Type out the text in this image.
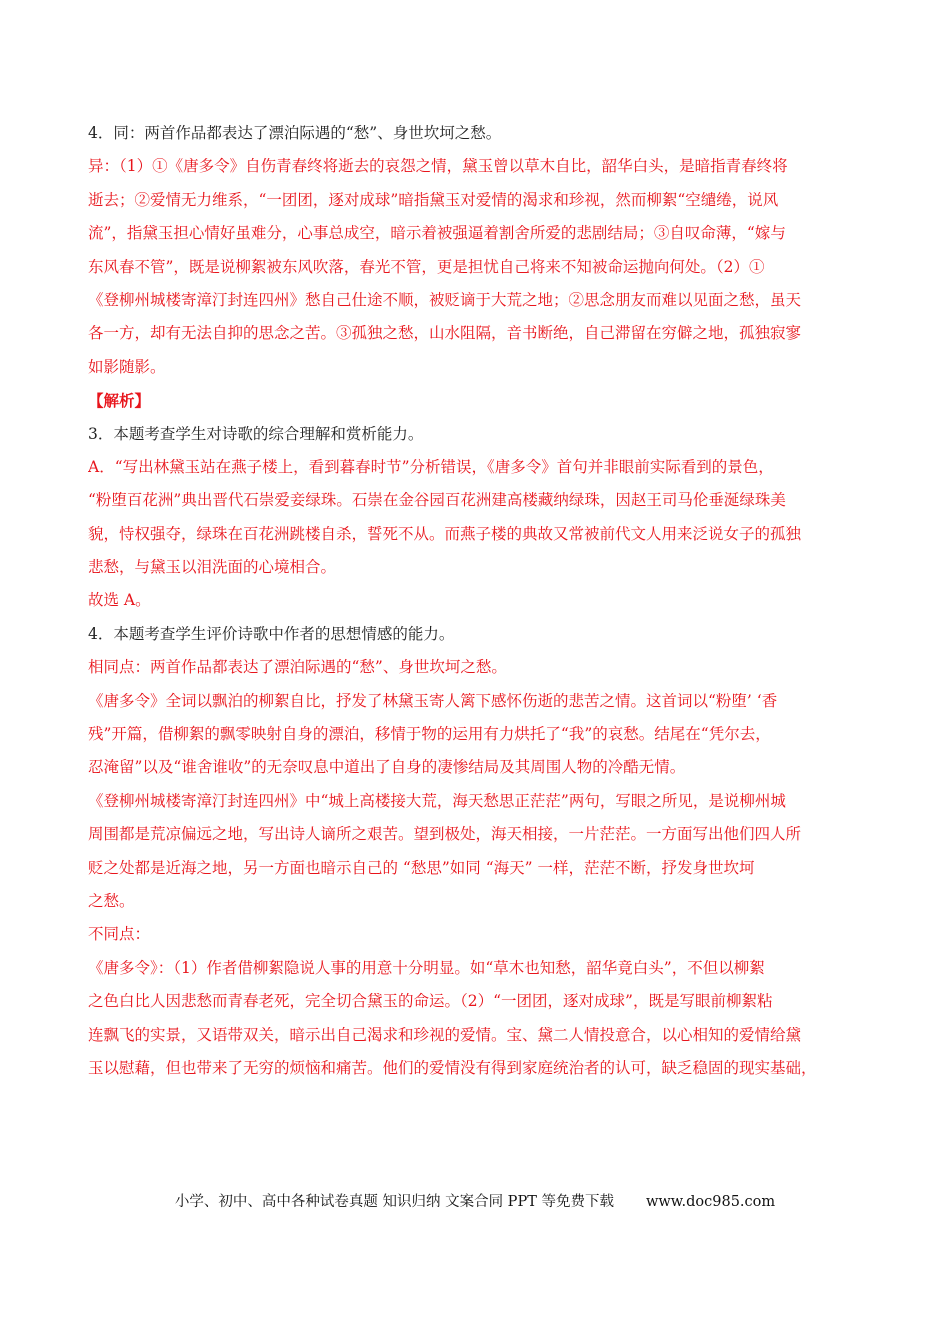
4．同：两首作品都表达了漂泊际遇的“愁”、身世坎坷之愁。
异：（1）①《唐多令》自伤青春终将逝去的哀怨之情，黛玉曾以草木自比，韶华白头，是暗指青春终将
逝去；②爱情无力维系，“一团团，逐对成球”暗指黛玉对爱情的渴求和珍视，然而柳絮“空缱绻，说风
流”，指黛玉担心情好虽难分，心事总成空，暗示着被强逼着割舍所爱的悲剧结局；③自叹命薄，“嫁与
东风春不管”，既是说柳絮被东风吹落，春光不管，更是担忧自己将来不知被命运抛向何处。（2）①
《登柳州城楼寄漳汀封连四州》愁自己仕途不顺，被贬谪于大荒之地；②思念朋友而难以见面之愁，虽天
各一方，却有无法自抑的思念之苦。③孤独之愁，山水阻隔，音书断绝，自己滞留在穷僻之地，孤独寂寥
如影随影。
【解析】
3．本题考查学生对诗歌的综合理解和赏析能力。
A．“写出林黛玉站在燕子楼上，看到暮春时节”分析错误，《唐多令》首句并非眼前实际看到的景色，
“粉堕百花洲”典出晋代石崇爱妾绿珠。石崇在金谷园百花洲建高楼藏纳绿珠，因赵王司马伦垂涎绿珠美
貌，恃权强夺，绿珠在百花洲跳楼自杀，誓死不从。而燕子楼的典故又常被前代文人用来泛说女子的孤独
悲愁，与黛玉以泪洗面的心境相合。
故选 A。
4．本题考查学生评价诗歌中作者的思想情感的能力。
相同点：两首作品都表达了漂泊际遇的“愁”、身世坎坷之愁。
《唐多令》全词以飘泊的柳絮自比，抒发了林黛玉寄人篱下感怀伤逝的悲苦之情。这首词以“粉堕’ ‘香
残”开篇，借柳絮的飘零映射自身的漂泊，移情于物的运用有力烘托了“我”的哀愁。结尾在“凭尔去，
忍淹留”以及“谁舍谁收”的无奈叹息中道出了自身的凄惨结局及其周围人物的冷酷无情。
《登柳州城楼寄漳汀封连四州》中“城上高楼接大荒，海天愁思正茫茫”两句，写眼之所见，是说柳州城
周围都是荒凉偏远之地，写出诗人谪所之艰苦。望到极处，海天相接，一片茫茫。一方面写出他们四人所
贬之处都是近海之地，另一方面也暗示自己的 “愁思”如同 “海天” 一样，茫茫不断，抒发身世坎坷
之愁。
不同点：
《唐多令》：（1）作者借柳絮隐说人事的用意十分明显。如“草木也知愁，韶华竟白头”，不但以柳絮
之色白比人因悲愁而青春老死，完全切合黛玉的命运。（2）“一团团，逐对成球”，既是写眼前柳絮粘
连飘飞的实景，又语带双关，暗示出自己渴求和珍视的爱情。宝、黛二人情投意合，以心相知的爱情给黛
玉以慰藉，但也带来了无穷的烦恼和痛苦。他们的爱情没有得到家庭统治者的认可，缺乏稳固的现实基础，
小学、初中、高中各种试卷真题 知识归纳 文案合同 PPT 等免费下载 www.doc985.com
